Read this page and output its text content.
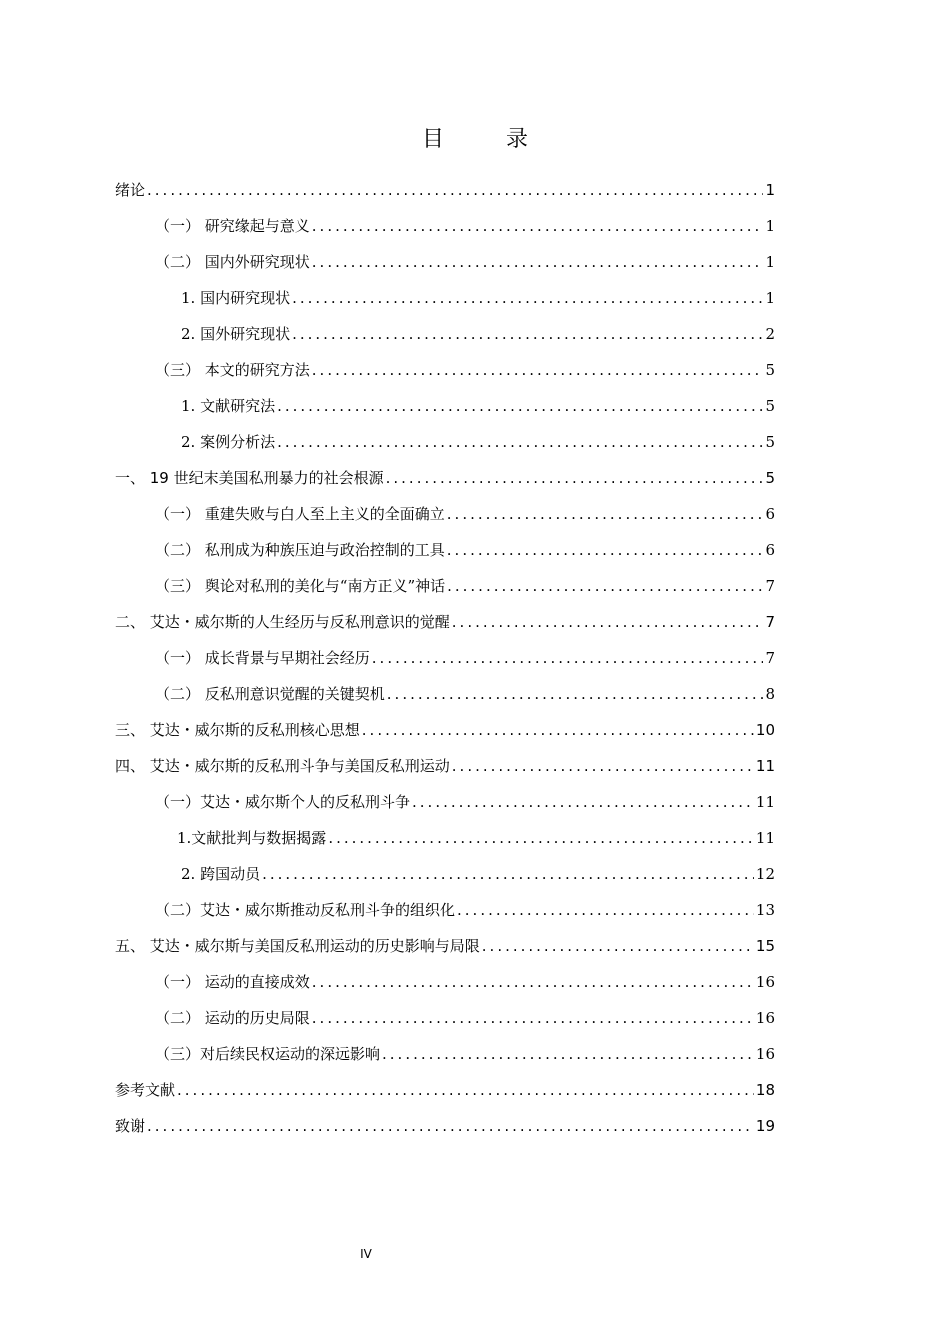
目　录
绪论 .....	1
（一） 研究缘起与意义 .....	1
（二） 国内外研究现状 .....	1
1. 国内研究现状 .....	1
2. 国外研究现状 .....	2
（三） 本文的研究方法 .....	5
1. 文献研究法 .....	5
2. 案例分析法 .....	5
一、 19 世纪末美国私刑暴力的社会根源 .....	5
（一） 重建失败与白人至上主义的全面确立 .....	6
（二） 私刑成为种族压迫与政治控制的工具 .....	6
（三） 舆论对私刑的美化与“南方正义”神话 .....	7
二、 艾达・威尔斯的人生经历与反私刑意识的觉醒 .....	7
（一） 成长背景与早期社会经历 .....	7
（二） 反私刑意识觉醒的关键契机 .....	8
三、 艾达・威尔斯的反私刑核心思想 .....	10
四、 艾达・威尔斯的反私刑斗争与美国反私刑运动 .....	11
（一）艾达・威尔斯个人的反私刑斗争 .....	11
1.文献批判与数据揭露 .....	11
2. 跨国动员 .....	12
（二）艾达・威尔斯推动反私刑斗争的组织化 .....	13
五、 艾达・威尔斯与美国反私刑运动的历史影响与局限 .....	15
（一） 运动的直接成效 .....	16
（二） 运动的历史局限 .....	16
（三）对后续民权运动的深远影响 .....	16
参考文献 .....	18
致谢 .....	19
IV
